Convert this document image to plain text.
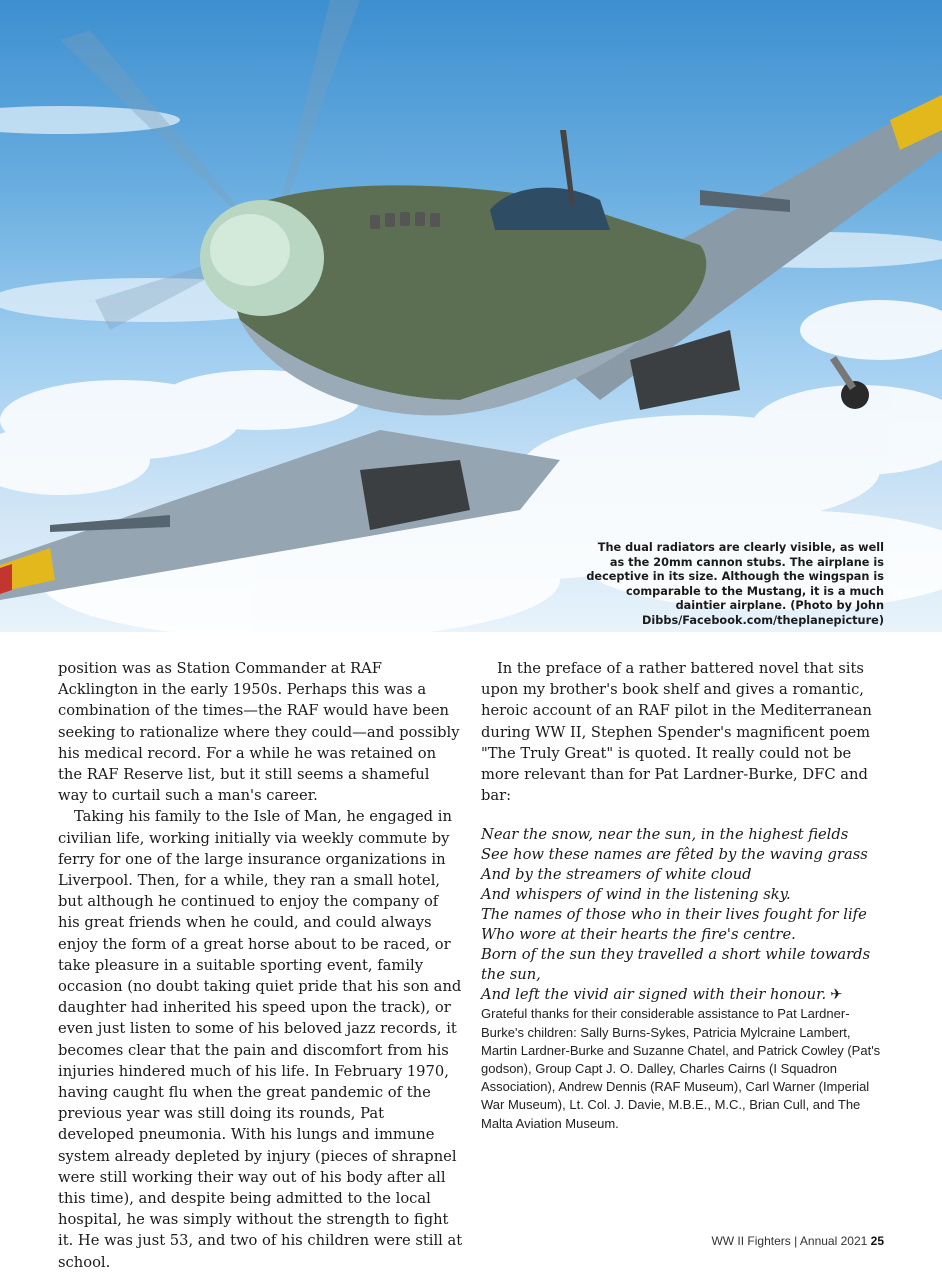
The dual radiators are clearly visible, as well as the 20mm cannon stubs. The airplane is deceptive in its size. Although the wingspan is comparable to the Mustang, it is a much daintier airplane. (Photo by John Dibbs/Facebook.com/theplanepicture)

position was as Station Commander at RAF Acklington in the early 1950s. Perhaps this was a combination of the times—the RAF would have been seeking to rationalize where they could—and possibly his medical record. For a while he was retained on the RAF Reserve list, but it still seems a shameful way to curtail such a man's career.

Taking his family to the Isle of Man, he engaged in civilian life, working initially via weekly commute by ferry for one of the large insurance organizations in Liverpool. Then, for a while, they ran a small hotel, but although he continued to enjoy the company of his great friends when he could, and could always enjoy the form of a great horse about to be raced, or take pleasure in a suitable sporting event, family occasion (no doubt taking quiet pride that his son and daughter had inherited his speed upon the track), or even just listen to some of his beloved jazz records, it becomes clear that the pain and discomfort from his injuries hindered much of his life. In February 1970, having caught flu when the great pandemic of the previous year was still doing its rounds, Pat developed pneumonia. With his lungs and immune system already depleted by injury (pieces of shrapnel were still working their way out of his body after all this time), and despite being admitted to the local hospital, he was simply without the strength to fight it. He was just 53, and two of his children were still at school.

In the preface of a rather battered novel that sits upon my brother's book shelf and gives a romantic, heroic account of an RAF pilot in the Mediterranean during WW II, Stephen Spender's magnificent poem "The Truly Great" is quoted. It really could not be more relevant than for Pat Lardner-Burke, DFC and bar:

Near the snow, near the sun, in the highest fields

See how these names are fêted by the waving grass

And by the streamers of white cloud

And whispers of wind in the listening sky.

The names of those who in their lives fought for life

Who wore at their hearts the fire's centre.

Born of the sun they travelled a short while towards the sun,

And left the vivid air signed with their honour. ✈

Grateful thanks for their considerable assistance to Pat Lardner-Burke's children: Sally Burns-Sykes, Patricia Mylcraine Lambert, Martin Lardner-Burke and Suzanne Chatel, and Patrick Cowley (Pat's godson), Group Capt J. O. Dalley, Charles Cairns (I Squadron Association), Andrew Dennis (RAF Museum), Carl Warner (Imperial War Museum), Lt. Col. J. Davie, M.B.E., M.C., Brian Cull, and The Malta Aviation Museum.

WW II Fighters | Annual 2021 25
